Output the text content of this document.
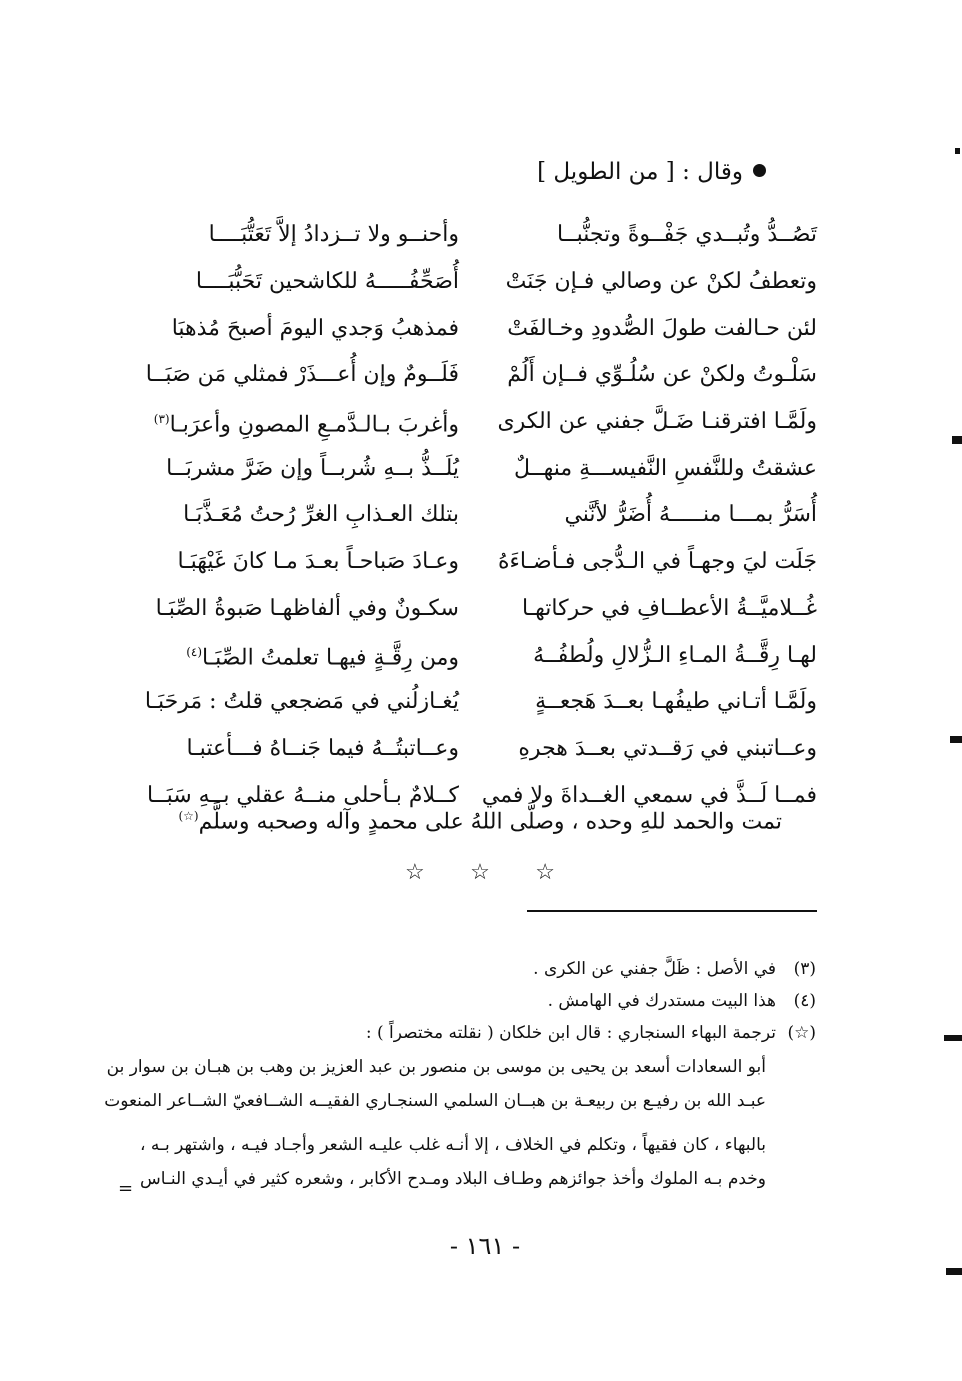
وقال : [ من الطويل ]
تَصُــدُّ وتُبــدي جَفْــوةً وتجنُّبــا
وأحنــو ولا تــزدادُ إلاَّ تَعَتُّبَــــا
وتعطفُ لكنْ عن وصالي فـإن جَنَتْ
أُصَحِّفُـــــهُ للكاشحين تَحَبُّبَــــا
لئن حـالفت طولَ الصُّدودِ وخـالفَتْ
فمذهبُ وَجدي اليومَ أصبحَ مُذهبَا
سَلْـوتُ ولكنْ عن سُلُـوِّي فــإن أَلُمْ
فَلَــومٌ وإن أُعـــذَرْ فمثلي مَن صَبَــا
ولَمَّـا افترقنـا ضَـلَّ جفني عن الكرى
وأغربَ بـالـدَّمـعِ المصونِ وأعرَبـا$^{(٣)}$
عشقتُ وللنَّفسِ النَّفيســـةِ منهــلٌ
يُلَــذُّ بــهِ شُربــاً وإن ضَرَّ مشربَــا
أُسَرُّ بمـــا منـــــهُ أُضَرُّ لأنَّني
بتلك العـذابِ الغرِّ رُحتُ مُعَـذَّبَـا
جَلَت ليَ وجهـاً في الـدُّجى فـأضـاءَهُ
وعـادَ صَباحـاً بعـدَ مـا كانَ غَيْهَبَـا
غُــلاميَّــةُ الأعطــافِ في حركاتهـا
سكـونٌ وفي ألفاظهـا صَبوةُ الصِّبَـا
لهـا رِقَّــةُ المـاءِ الـزُّلالِ ولُطفُــهُ
ومن رِقَّـةٍ فيهـا تعلمتُ الصِّبَـا$^{(٤)}$
ولَمَّـا أتـاني طيفُهـا بعــدَ هَجعــةٍ
يُغـازلُني في مَضجعي قلتُ : مَرحَبَـا
وعــاتبني في رَقــدتي بعــدَ هجرهِ
وعــاتبتُــهُ فيما جَنــاهُ فـــأعتبـا
فمــا لَــذَّ في سمعي الغــداةَ ولا فمي
كــلامٌ بـأحلى منــهُ عقلي بــهِ سَبَــا
تمت والحمد للهِ وحده ، وصلَّى اللهُ على محمدٍ وآله وصحبه وسلَّم(☆)
☆ ☆ ☆
(٣)في الأصل : ظَلَّ جفني عن الكرى .
(٤)هذا البيت مستدرك في الهامش .
(☆)ترجمة البهاء السنجاري : قال ابن خلكان ( نقلته مختصراً ) :
أبو السعادات أسعد بن يحيى بن موسى بن منصور بن عبد العزيز بن وهب بن هبـان بن سوار بن
عبـد الله بن رفيـع بن ربيعـة بن هبــان السلمي السنجـاري الفقيــه الشــافعيّ الشــاعر المنعوت
بالبهاء ، كان فقيهاً ، وتكلم في الخلاف ، إلا أنـه غلب عليـه الشعر وأجـاد فيـه ، واشتهر بـه ،
وخدم بـه الملوك وأخذ جوائزهم وطـاف البلاد ومـدح الأكابر ، وشعره كثير في أيـدي النـاس
=
- ١٦١ -
